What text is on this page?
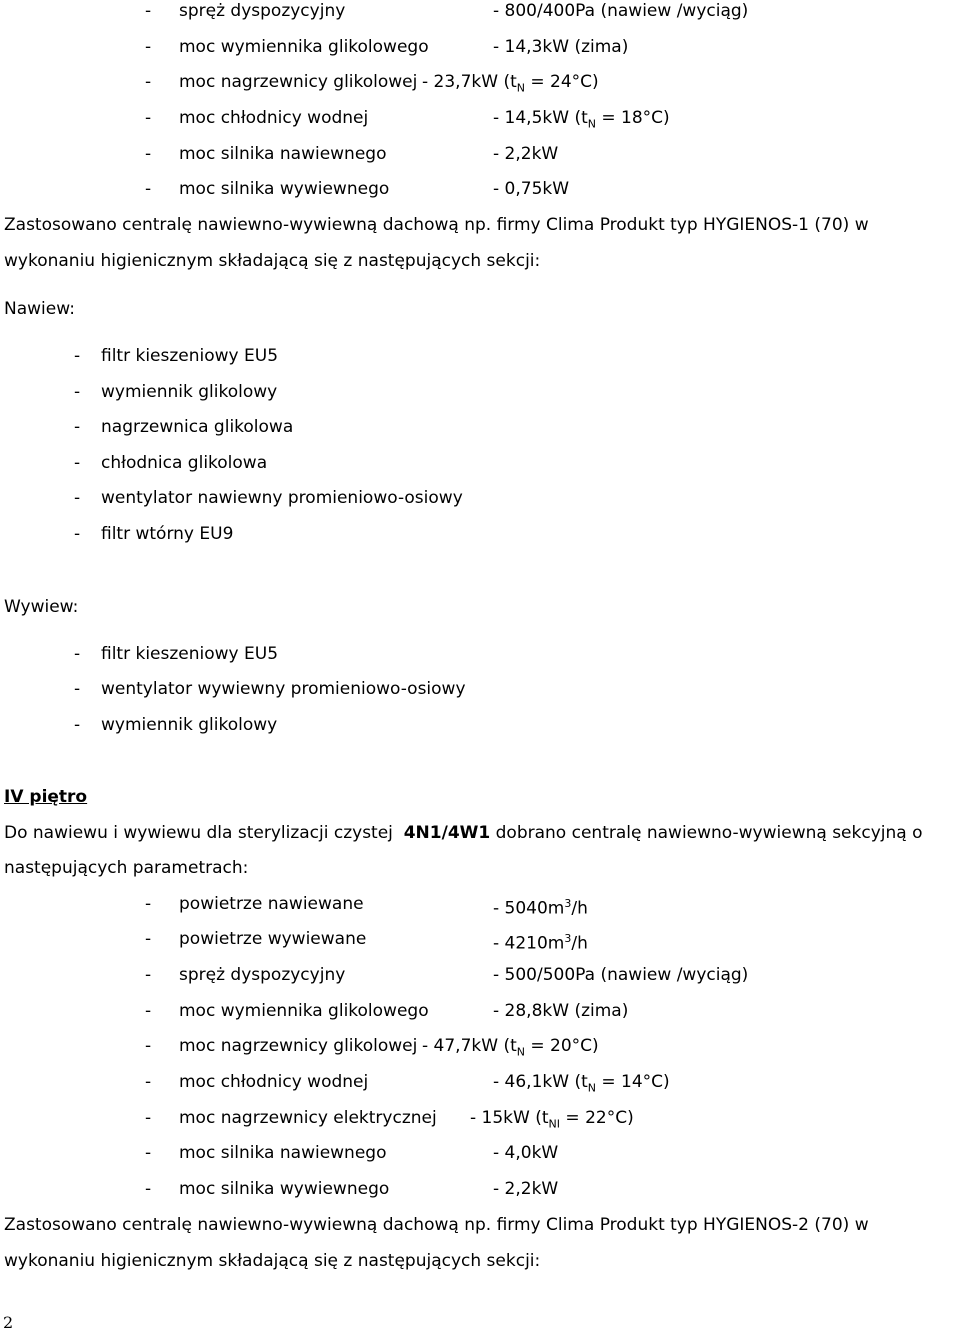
- spręż dyspozycyjny	- 800/400Pa (nawiew /wyciąg)
- moc wymiennika glikolowego	- 14,3kW (zima)
- moc nagrzewnicy glikolowej - 23,7kW $(t_N = 24^\circ C)$
- moc chłodnicy wodnej	- 14,5kW $(t_N = 18^\circ C)$
- moc silnika nawiewnego	- 2,2kW
- moc silnika wywiewnego	- 0,75kW
Zastosowano centralę nawiewno-wywiewną dachową np. firmy Clima Produkt typ HYGIENOS-1 (70) w
wykonaniu higienicznym składającą się z następujących sekcji:
Nawiew:
- filtr kieszeniowy EU5
- wymiennik glikolowy
- nagrzewnica glikolowa
- chłodnica glikolowa
- wentylator nawiewny promieniowo-osiowy
- filtr wtórny EU9
Wywiew:
- filtr kieszeniowy EU5
- wentylator wywiewny promieniowo-osiowy
- wymiennik glikolowy
IV piętro
Do nawiewu i wywiewu dla sterylizacji czystej 4N1/4W1 dobrano centralę nawiewno-wywiewną sekcyjną o
następujących parametrach:
- powietrze nawiewane	- $5040m^3/h$
- powietrze wywiewane	- $4210m^3/h$
- spręż dyspozycyjny	- 500/500Pa (nawiew /wyciąg)
- moc wymiennika glikolowego	- 28,8kW (zima)
- moc nagrzewnicy glikolowej - 47,7kW $(t_N = 20^\circ C)$
- moc chłodnicy wodnej	- 46,1kW $(t_N = 14^\circ C)$
- moc nagrzewnicy elektrycznej - 15kW $(t_{NI} = 22^\circ C)$
- moc silnika nawiewnego	- 4,0kW
- moc silnika wywiewnego	- 2,2kW
Zastosowano centralę nawiewno-wywiewną dachową np. firmy Clima Produkt typ HYGIENOS-2 (70) w
wykonaniu higienicznym składającą się z następujących sekcji:
2
